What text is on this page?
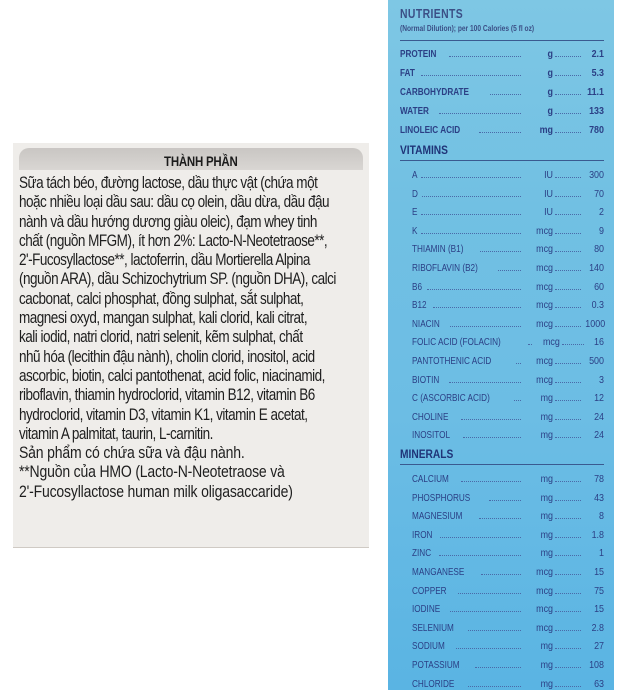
THÀNH PHẦN
Sữa tách béo, đường lactose, dầu thực vật (chứa một
hoặc nhiều loại dầu sau: dầu cọ olein, dầu dừa, dầu đậu
nành và dầu hướng dương giàu oleic), đạm whey tinh
chất (nguồn MFGM), ít hơn 2%: Lacto-N-Neotetraose**,
2'-Fucosyllactose**, lactoferrin, dầu Mortierella Alpina
(nguồn ARA), dầu Schizochytrium SP. (nguồn DHA), calci
cacbonat, calci phosphat, đồng sulphat, sắt sulphat,
magnesi oxyd, mangan sulphat, kali clorid, kali citrat,
kali iodid, natri clorid, natri selenit, kẽm sulphat, chất
nhũ hóa (lecithin đậu nành), cholin clorid, inositol, acid
ascorbic, biotin, calci pantothenat, acid folic, niacinamid,
riboflavin, thiamin hydroclorid, vitamin B12, vitamin B6
hydroclorid, vitamin D3, vitamin K1, vitamin E acetat,
vitamin A palmitat, taurin, L-carnitin.
Sản phẩm có chứa sữa và đậu nành.
**Nguồn của HMO (Lacto-N-Neotetraose và
2'-Fucosyllactose human milk oligasaccaride)
NUTRIENTS
(Normal Dilution); per 100 Calories (5 fl oz)
PROTEIN	g	2.1
FAT	g	5.3
CARBOHYDRATE	g	11.1
WATER	g	133
LINOLEIC ACID	mg	780
VITAMINS
A	IU	300
D	IU	70
E	IU	2
K	mcg	9
THIAMIN (B1)	mcg	80
RIBOFLAVIN (B2)	mcg	140
B6	mcg	60
B12	mcg	0.3
NIACIN	mcg	1000
FOLIC ACID (FOLACIN)	mcg	16
PANTOTHENIC ACID	mcg	500
BIOTIN	mcg	3
C (ASCORBIC ACID)	mg	12
CHOLINE	mg	24
INOSITOL	mg	24
MINERALS
CALCIUM	mg	78
PHOSPHORUS	mg	43
MAGNESIUM	mg	8
IRON	mg	1.8
ZINC	mg	1
MANGANESE	mcg	15
COPPER	mcg	75
IODINE	mcg	15
SELENIUM	mcg	2.8
SODIUM	mg	27
POTASSIUM	mg	108
CHLORIDE	mg	63
